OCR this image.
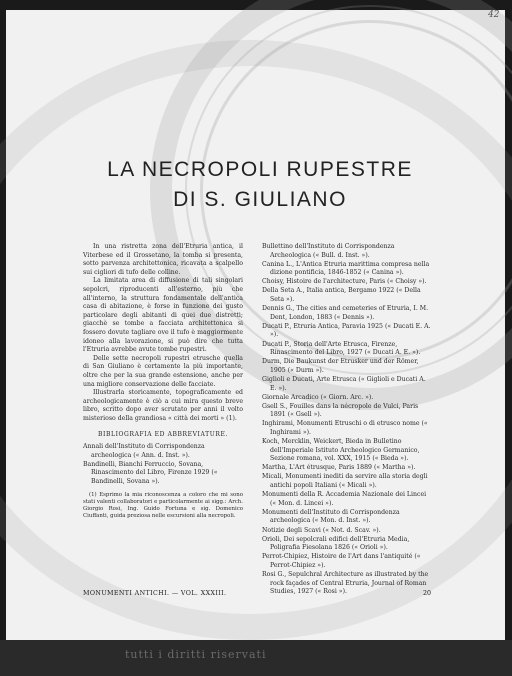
42
LA NECROPOLI RUPESTRE
DI S. GIULIANO

In una ristretta zona dell'Etruria antica, il Viterbese ed il Grossetano, la tomba si presenta, sotto parvenza architettonica, ricavata a scalpello sui cigliori di tufo delle colline.

La limitata area di diffusione di tali singolari sepolcri, riproducenti all'esterno, più che all'interno, la struttura fondamentale dell'antica casa di abitazione, è forse in funzione dei gusto particolare degli abitanti di quei due distretti; giacchè se tombe a facciata architettonica si fossero dovute tagliare ove il tufo è maggiormente idoneo alla lavorazione, si può dire che tutta l'Etruria avrebbe avute tombe rupestri.

Delle sette necropoli rupestri etrusche quella di San Giuliano è certamente la più importante, oltre che per la sua grande estensione, anche per una migliore conservazione delle facciate.

Illustrarla storicamente, topograficamente ed archeologicamente è ciò a cui mira questo breve libro, scritto dopo aver scrutato per anni il volto misterioso della grandiosa « città dei morti » (1).

BIBLIOGRAFIA ED ABBREVIATURE.
Annali dell'Instituto di Corrispondenza archeologica (« Ann. d. Inst. »).
Bandinelli, Bianchi Ferruccio, Sovana, Rinascimento del Libro, Firenze 1929 (« Bandinelli, Sovana »).
(1) Esprimo la mia riconoscenza a coloro che mi sono stati valenti collaboratori e particolarmente ai sigg.: Arch. Giorgio Rosi, Ing. Guido Fortuna e sig. Domenico Ciuffanti, guida preziosa nelle escursioni alla necropoli.
Bullettino dell'Instituto di Corrispondenza Archeologica (« Bull. d. Inst. »).
Canina L., L'Antica Etruria marittima compresa nella dizione pontificia, 1846-1852 (« Canina »).
Choisy, Histoire de l'architecture, Paris (« Choisy »).
Della Seta A., Italia antica, Bergamo 1922 (« Della Seta »).
Dennis G., The cities and cemeteries of Etruria, I. M. Dent, London, 1883 (« Dennis »).
Ducati P., Etruria Antica, Paravia 1925 (« Ducati E. A. »).
Ducati P., Storia dell'Arte Etrusca, Firenze, Rinascimento del Libro, 1927 (« Ducati A. E. »).
Durm, Die Baukunst der Etrusker und der Römer, 1905 (« Durm »).
Giglioli e Ducati, Arte Etrusca (« Giglioli e Ducati A. E. »).
Giornale Arcadico (« Giorn. Arc. »).
Gsell S., Fouilles dans la nécropole de Vulci, Paris 1891 (« Gsell »).
Inghirami, Monumenti Etruschi o di etrusco nome (« Inghirami »).
Koch, Mercklin, Weickert, Bieda in Bulletino dell'Imperiale Istituto Archeologico Germanico, Sezione romana, vol. XXX, 1915 (« Bieda »).
Martha, L'Art étrusque, Paris 1889 (« Martha »).
Micali, Monumenti inediti da servire alla storia degli antichi popoli Italiani (« Micali »).
Monumenti della R. Accademia Nazionale dei Lincei (« Mon. d. Lincei »).
Monumenti dell'Instituto di Corrispondenza archeologica (« Mon. d. Inst. »).
Notizie degli Scavi (« Not. d. Scav. »).
Orioli, Dei sepolcrali edifici dell'Etruria Media, Poligrafia Fiesolana 1826 (« Orioli »).
Perrot-Chipiez, Histoire de l'Art dans l'antiquité (« Perrot-Chipiez »).
Rosi G., Sepulchral Architecture as illustrated by the rock façades of Central Etruria, Journal of Roman Studies, 1927 (« Rosi »).
MONUMENTI ANTICHI. — VOL. XXXIII.	20
tutti i diritti riservati
